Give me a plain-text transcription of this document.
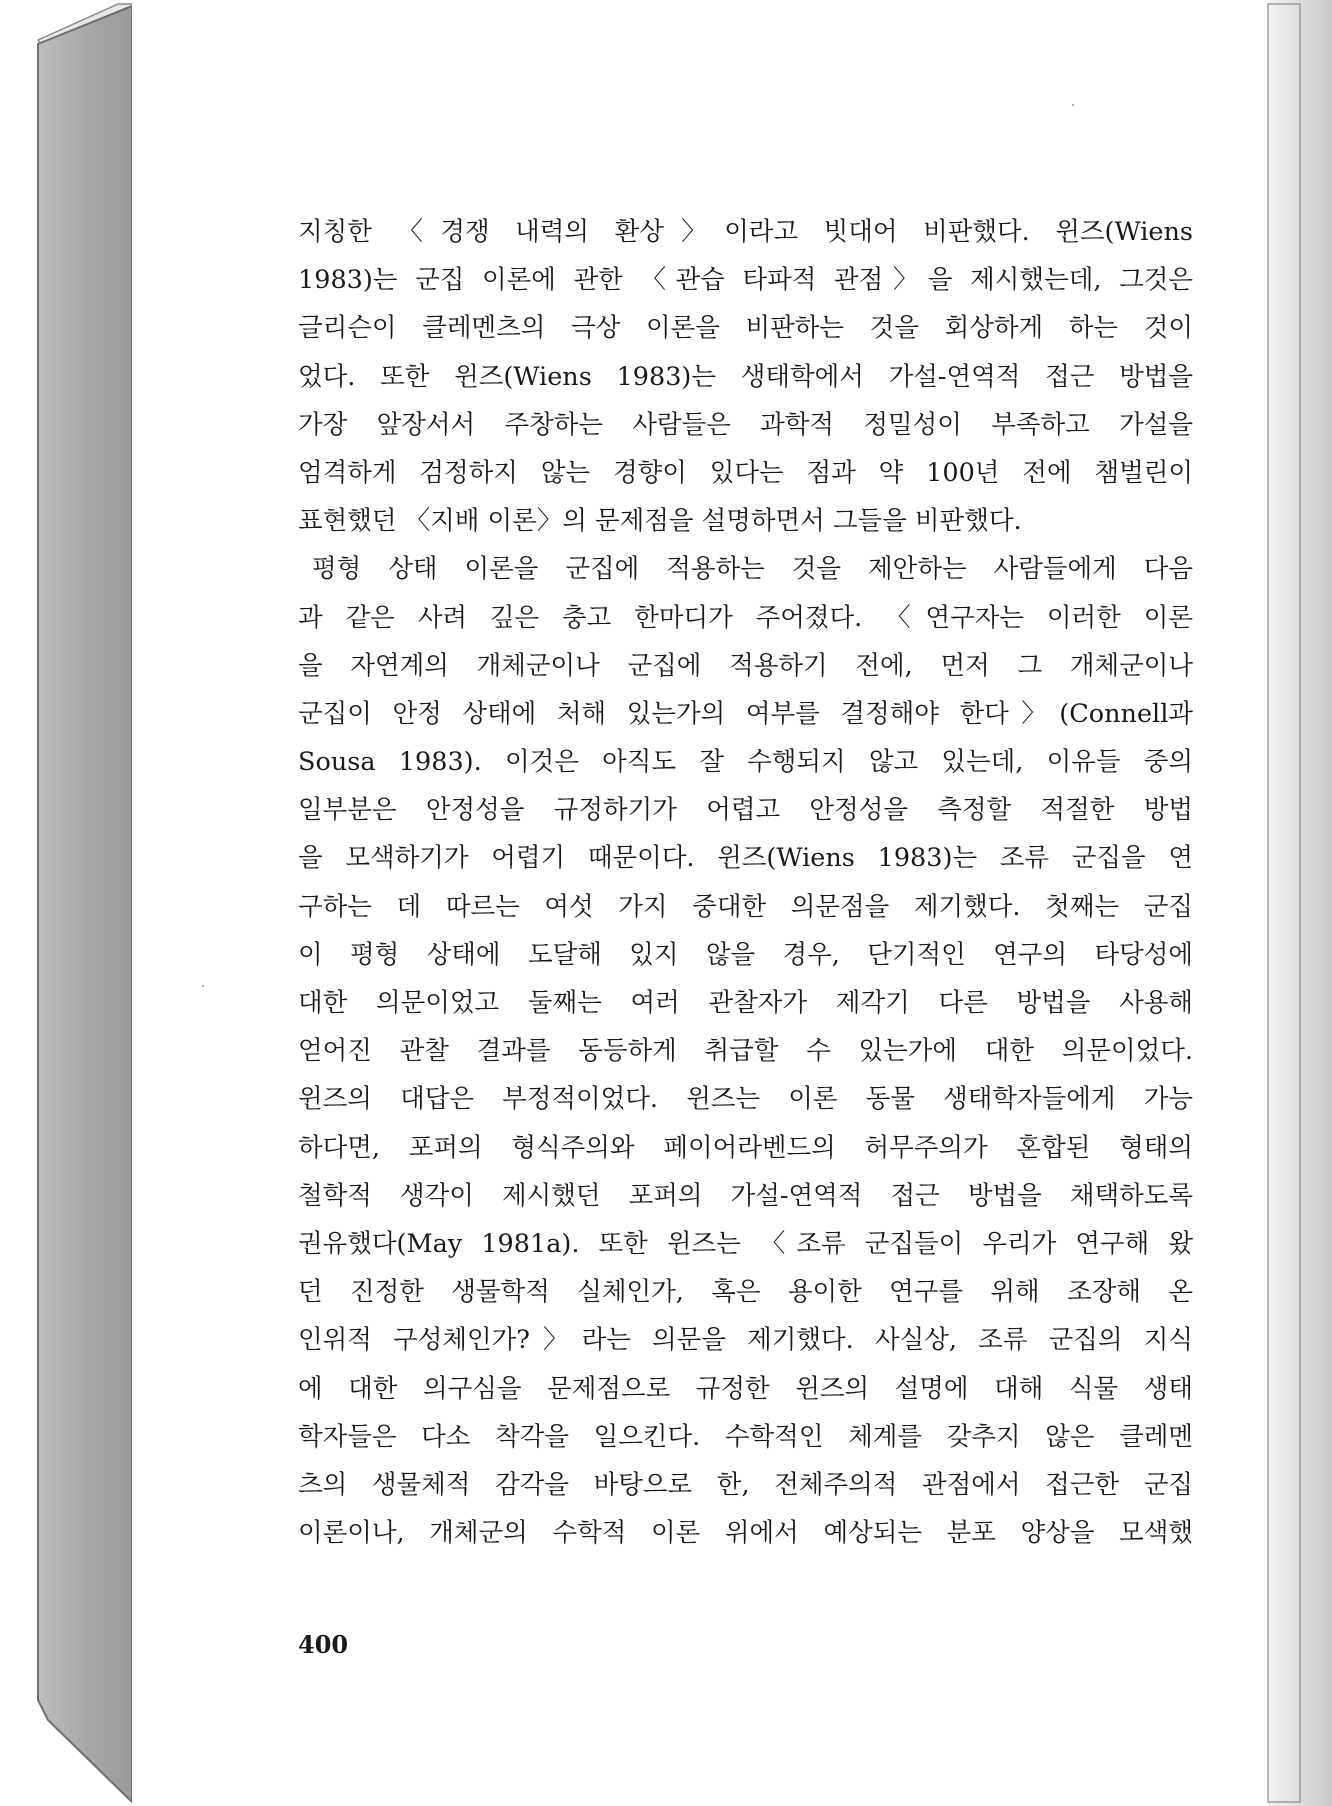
지칭한 〈경쟁 내력의 환상〉이라고 빗대어 비판했다. 윈즈(Wiens
1983)는 군집 이론에 관한 〈관습 타파적 관점〉을 제시했는데, 그것은
글리슨이 클레멘츠의 극상 이론을 비판하는 것을 회상하게 하는 것이
었다. 또한 윈즈(Wiens 1983)는 생태학에서 가설-연역적 접근 방법을
가장 앞장서서 주창하는 사람들은 과학적 정밀성이 부족하고 가설을
엄격하게 검정하지 않는 경향이 있다는 점과 약 100년 전에 챔벌린이
표현했던 〈지배 이론〉의 문제점을 설명하면서 그들을 비판했다.
평형 상태 이론을 군집에 적용하는 것을 제안하는 사람들에게 다음
과 같은 사려 깊은 충고 한마디가 주어졌다. 〈연구자는 이러한 이론
을 자연계의 개체군이나 군집에 적용하기 전에, 먼저 그 개체군이나
군집이 안정 상태에 처해 있는가의 여부를 결정해야 한다〉(Connell과
Sousa 1983). 이것은 아직도 잘 수행되지 않고 있는데, 이유들 중의
일부분은 안정성을 규정하기가 어렵고 안정성을 측정할 적절한 방법
을 모색하기가 어렵기 때문이다. 윈즈(Wiens 1983)는 조류 군집을 연
구하는 데 따르는 여섯 가지 중대한 의문점을 제기했다. 첫째는 군집
이 평형 상태에 도달해 있지 않을 경우, 단기적인 연구의 타당성에
대한 의문이었고 둘째는 여러 관찰자가 제각기 다른 방법을 사용해
얻어진 관찰 결과를 동등하게 취급할 수 있는가에 대한 의문이었다.
윈즈의 대답은 부정적이었다. 윈즈는 이론 동물 생태학자들에게 가능
하다면, 포퍼의 형식주의와 페이어라벤드의 허무주의가 혼합된 형태의
철학적 생각이 제시했던 포퍼의 가설-연역적 접근 방법을 채택하도록
권유했다(May 1981a). 또한 윈즈는 〈조류 군집들이 우리가 연구해 왔
던 진정한 생물학적 실체인가, 혹은 용이한 연구를 위해 조장해 온
인위적 구성체인가?〉라는 의문을 제기했다. 사실상, 조류 군집의 지식
에 대한 의구심을 문제점으로 규정한 윈즈의 설명에 대해 식물 생태
학자들은 다소 착각을 일으킨다. 수학적인 체계를 갖추지 않은 클레멘
츠의 생물체적 감각을 바탕으로 한, 전체주의적 관점에서 접근한 군집
이론이나, 개체군의 수학적 이론 위에서 예상되는 분포 양상을 모색했
400
